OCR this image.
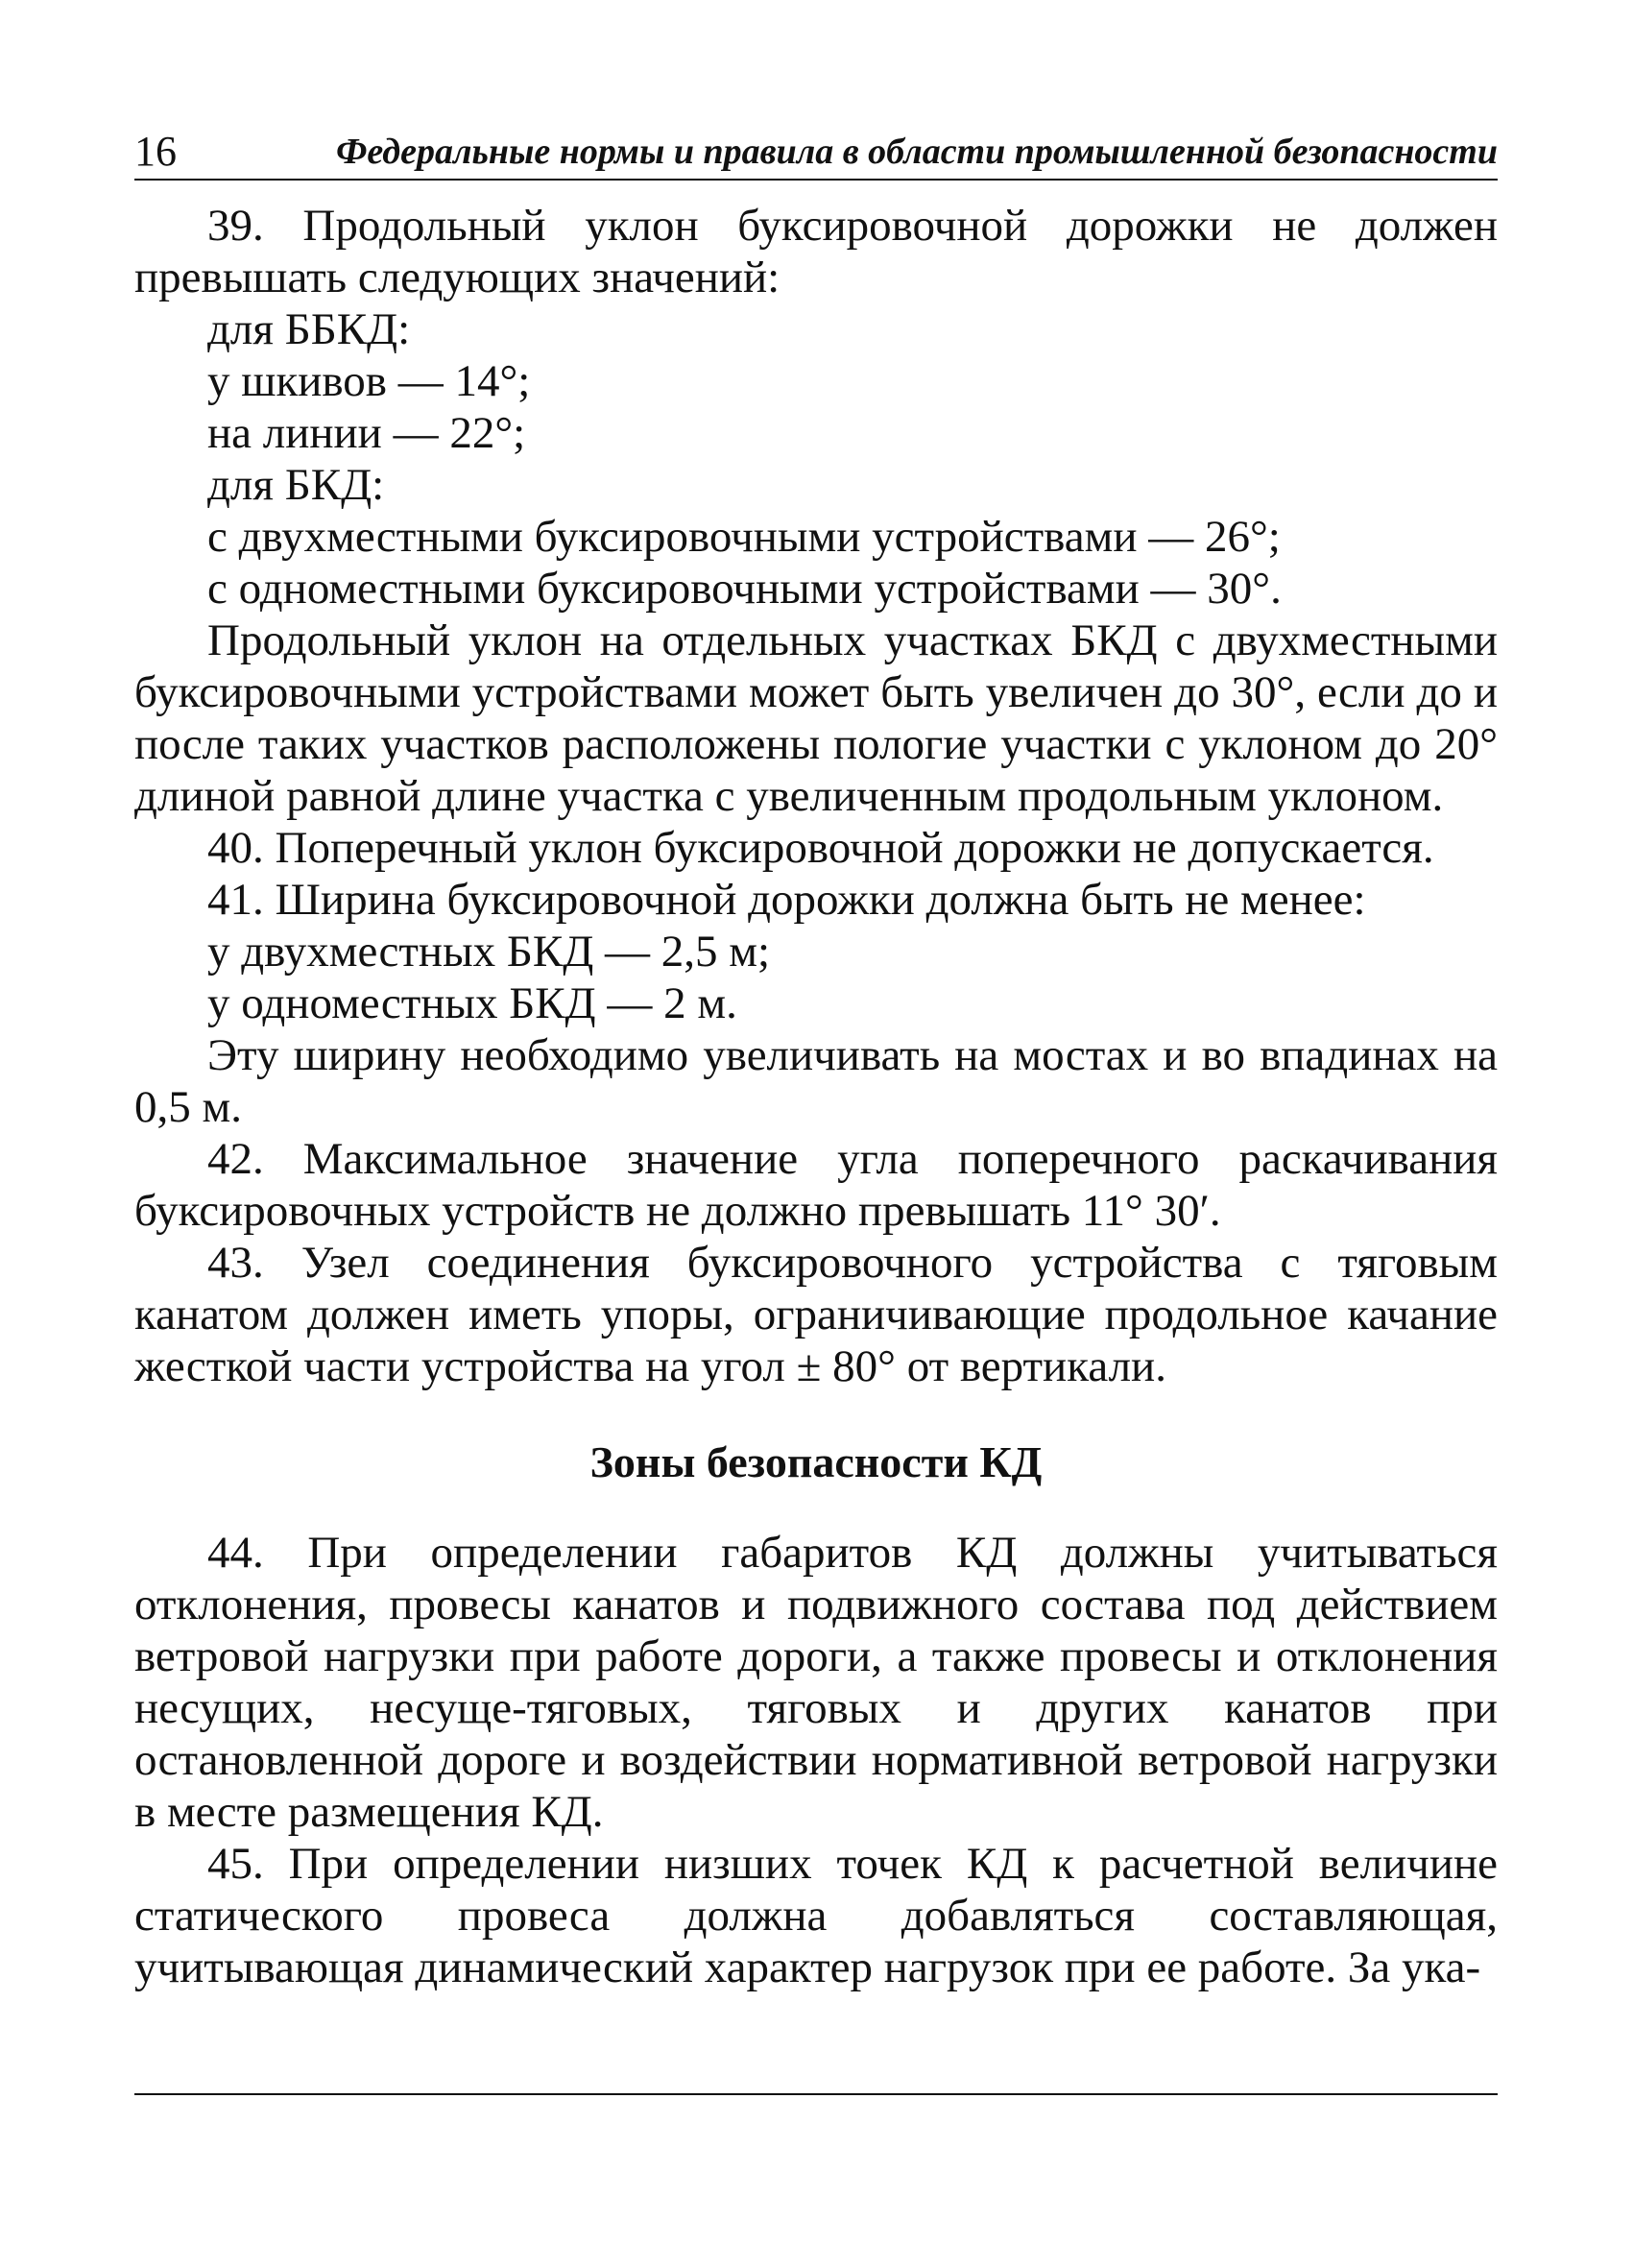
16	Федеральные нормы и правила в области промышленной безопасности

39. Продольный уклон буксировочной дорожки не должен превышать следующих значений:

для ББКД:

у шкивов — 14°;

на линии — 22°;

для БКД:

с двухместными буксировочными устройствами — 26°;

с одноместными буксировочными устройствами — 30°.

Продольный уклон на отдельных участках БКД с двухместными буксировочными устройствами может быть увеличен до 30°, если до и после таких участков расположены пологие участки с уклоном до 20° длиной равной длине участка с увеличенным продольным уклоном.

40. Поперечный уклон буксировочной дорожки не допускается.

41. Ширина буксировочной дорожки должна быть не менее:

у двухместных БКД — 2,5 м;

у одноместных БКД — 2 м.

Эту ширину необходимо увеличивать на мостах и во впадинах на 0,5 м.

42. Максимальное значение угла поперечного раскачивания буксировочных устройств не должно превышать 11° 30′.

43. Узел соединения буксировочного устройства с тяговым канатом должен иметь упоры, ограничивающие продольное качание жесткой части устройства на угол ± 80° от вертикали.

Зоны безопасности КД

44. При определении габаритов КД должны учитываться отклонения, провесы канатов и подвижного состава под действием ветровой нагрузки при работе дороги, а также провесы и отклонения несущих, несуще-тяговых, тяговых и других канатов при остановленной дороге и воздействии нормативной ветровой нагрузки в месте размещения КД.

45. При определении низших точек КД к расчетной величине статического провеса должна добавляться составляющая, учитывающая динамический характер нагрузок при ее работе. За ука-
